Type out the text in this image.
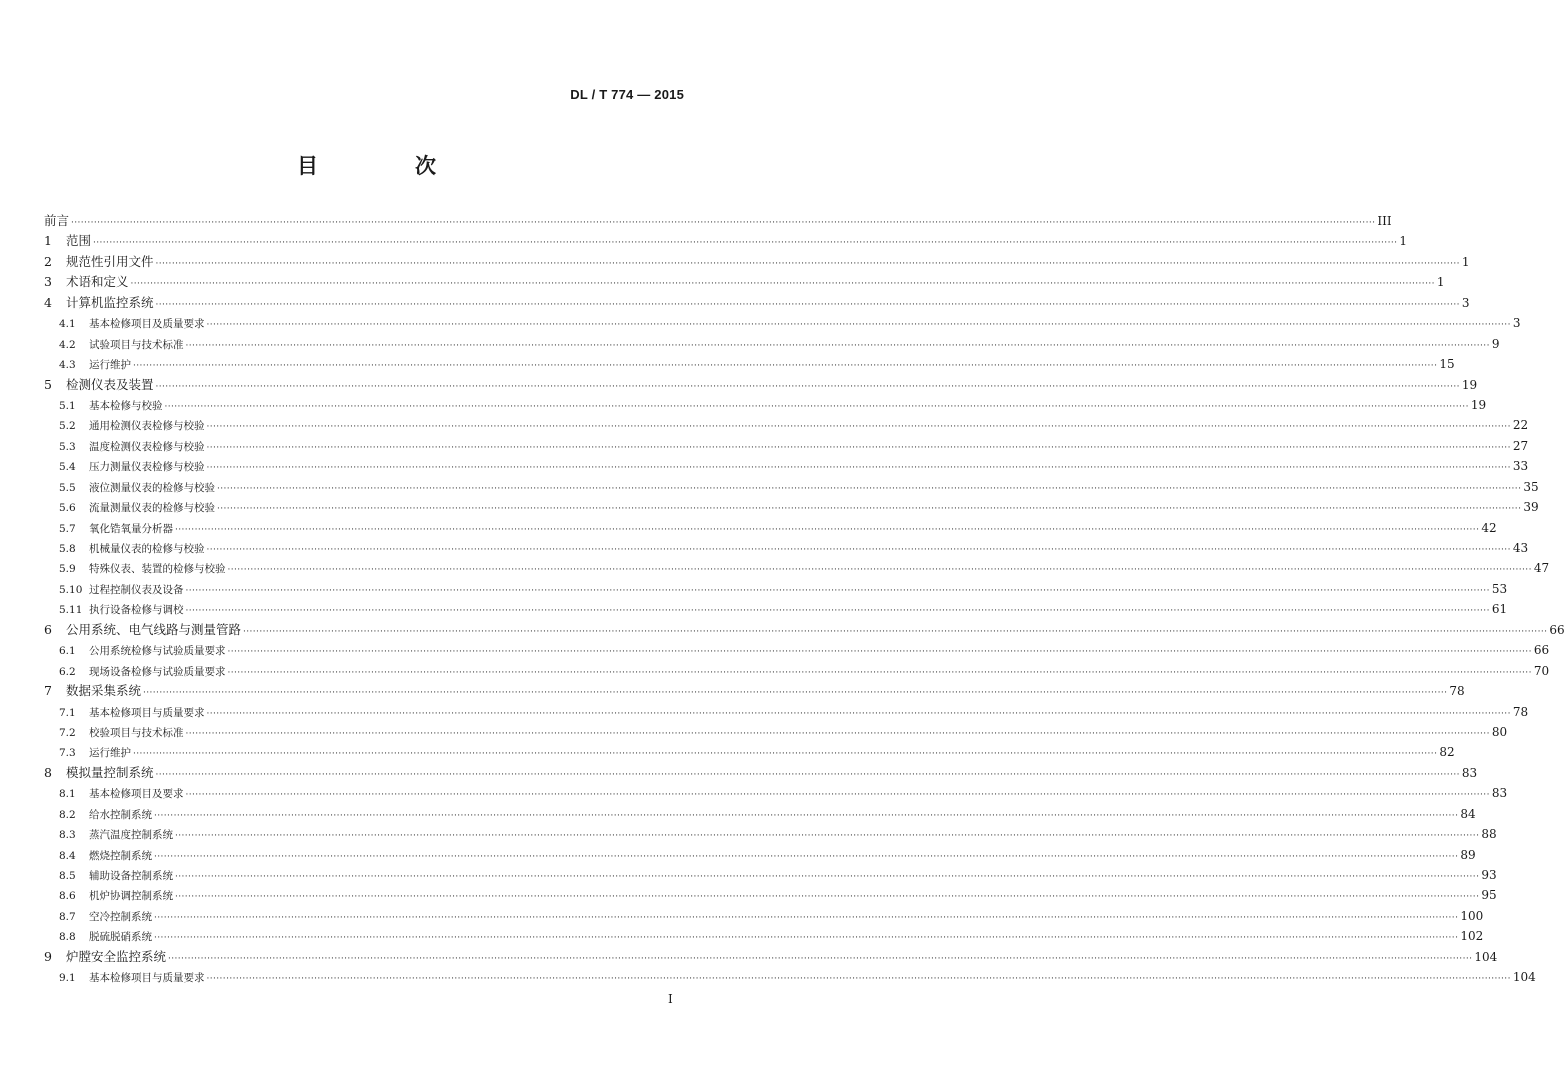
DL / T 774 — 2015
目　次
前言 ················································································································································································································································································································································································································ III
1	范围 ················································································································································································································································································································································································································ 1
2	规范性引用文件 ················································································································································································································································································································································································································ 1
3	术语和定义 ················································································································································································································································································································································································································ 1
4	计算机监控系统 ················································································································································································································································································································································································································ 3
4.1	基本检修项目及质量要求 ················································································································································································································································································································································································································ 3
4.2	试验项目与技术标准 ················································································································································································································································································································································································································ 9
4.3	运行维护 ················································································································································································································································································································································································································ 15
5	检测仪表及装置 ················································································································································································································································································································································································································ 19
5.1	基本检修与校验 ················································································································································································································································································································································································································ 19
5.2	通用检测仪表检修与校验 ················································································································································································································································································································································································································ 22
5.3	温度检测仪表检修与校验 ················································································································································································································································································································································································································ 27
5.4	压力测量仪表检修与校验 ················································································································································································································································································································································································································ 33
5.5	液位测量仪表的检修与校验 ················································································································································································································································································································································································································ 35
5.6	流量测量仪表的检修与校验 ················································································································································································································································································································································································································ 39
5.7	氧化锆氧量分析器 ················································································································································································································································································································································································································ 42
5.8	机械量仪表的检修与校验 ················································································································································································································································································································································································································ 43
5.9	特殊仪表、装置的检修与校验 ················································································································································································································································································································································································································ 47
5.10 过程控制仪表及设备 ················································································································································································································································································································································································································ 53
5.11 执行设备检修与调校 ················································································································································································································································································································································································································ 61
6	公用系统、电气线路与测量管路 ················································································································································································································································································································································································································ 66
6.1	公用系统检修与试验质量要求 ················································································································································································································································································································································································································ 66
6.2	现场设备检修与试验质量要求 ················································································································································································································································································································································································································ 70
7	数据采集系统 ················································································································································································································································································································································································································ 78
7.1	基本检修项目与质量要求 ················································································································································································································································································································································································································ 78
7.2	校验项目与技术标准 ················································································································································································································································································································································································································ 80
7.3	运行维护 ················································································································································································································································································································································································································ 82
8	模拟量控制系统 ················································································································································································································································································································································································································ 83
8.1	基本检修项目及要求 ················································································································································································································································································································································································································ 83
8.2	给水控制系统 ················································································································································································································································································································································································································ 84
8.3	蒸汽温度控制系统 ················································································································································································································································································································································································································ 88
8.4	燃烧控制系统 ················································································································································································································································································································································································································ 89
8.5	辅助设备控制系统 ················································································································································································································································································································································································································ 93
8.6	机炉协调控制系统 ················································································································································································································································································································································································································ 95
8.7	空冷控制系统 ················································································································································································································································································································································································································ 100
8.8	脱硫脱硝系统 ················································································································································································································································································································································································································ 102
9	炉膛安全监控系统 ················································································································································································································································································································································································································ 104
9.1	基本检修项目与质量要求 ················································································································································································································································································································································································································ 104
I
